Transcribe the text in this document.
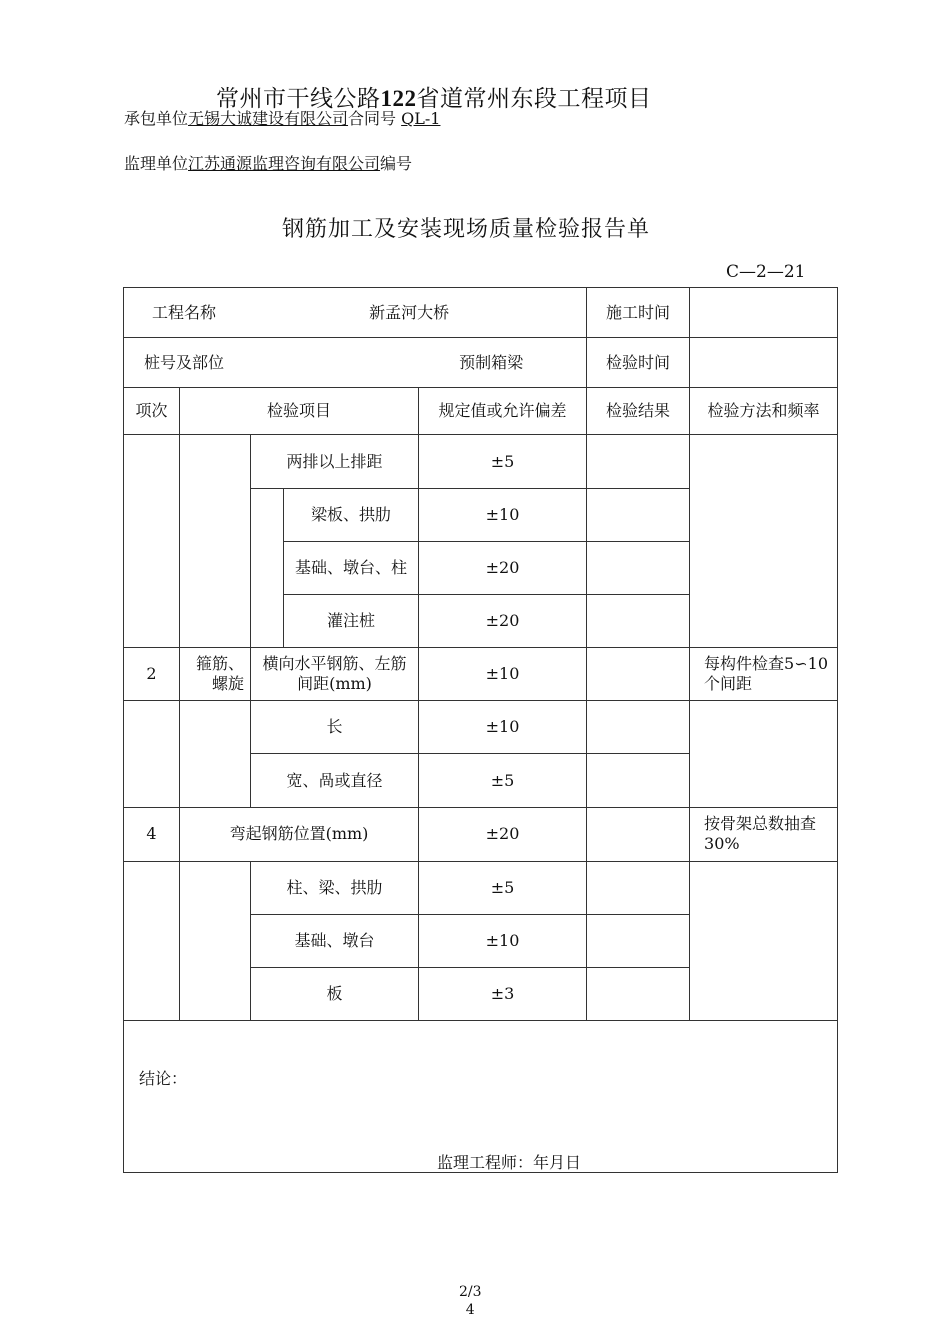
常州市干线公路122省道常州东段工程项目
承包单位无锡大诚建设有限公司合同号 QL-1
监理单位江苏通源监理咨询有限公司编号
钢筋加工及安装现场质量检验报告单
C—2—21
工程名称 新孟河大桥					施工时间	
桩号及部位 预制箱梁					检验时间	
项次	检验项目			规定值或允许偏差	检验结果	检验方法和频率
		两排以上排距		±5		
			梁板、拱肋	±10		
			基础、墩台、柱	±20		
			灌注桩	±20		
2	箍筋、螺旋	横向水平钢筋、左筋间距(mm)		±10		每构件检查5∽10个间距
		长		±10		
		宽、咼或直径		±5		
4	弯起钢筋位置(mm)			±20		按骨架总数抽查30%
		柱、梁、拱肋		±5		
		基础、墩台		±10		
		板		±3		

结论：
监理工程师：年月日						
2/3
4
